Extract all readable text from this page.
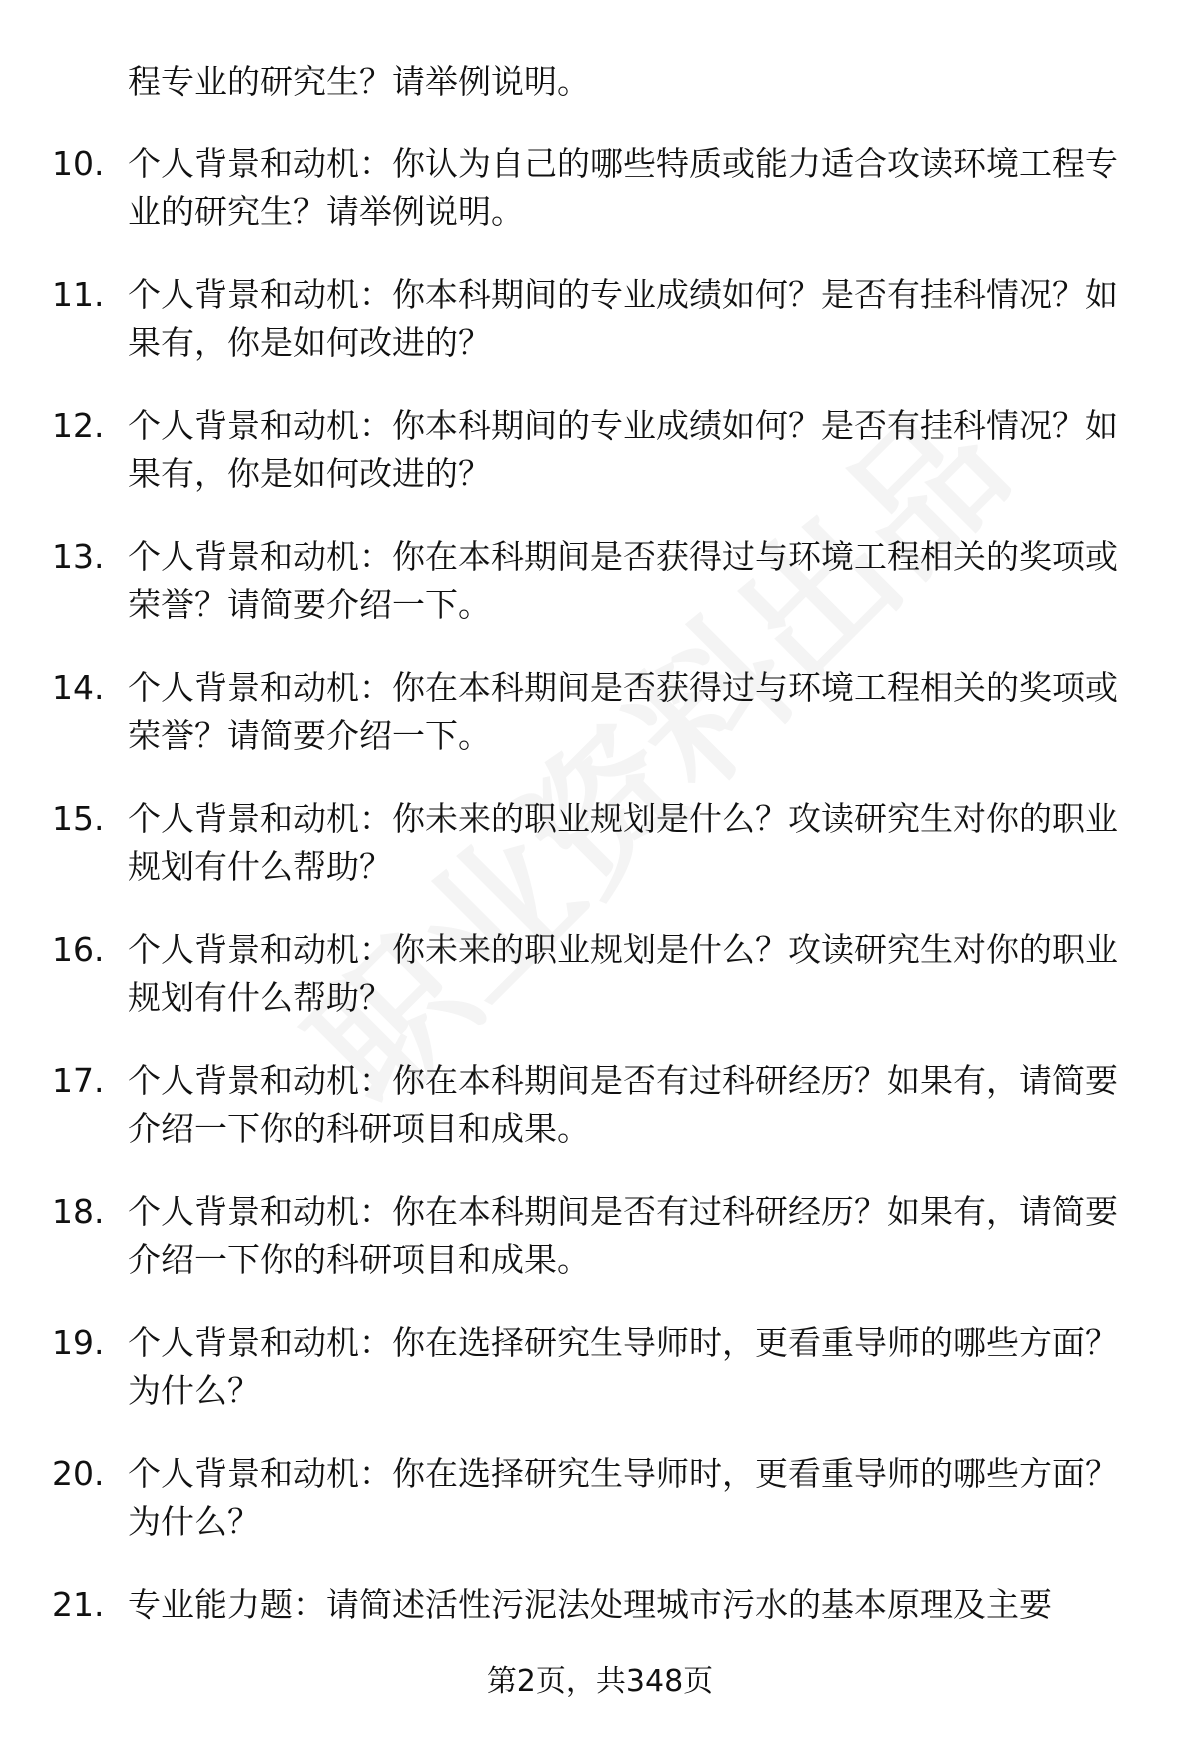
程专业的研究生？请举例说明。
10. 个人背景和动机：你认为自己的哪些特质或能力适合攻读环境工程专业的研究生？请举例说明。
11. 个人背景和动机：你本科期间的专业成绩如何？是否有挂科情况？如果有，你是如何改进的？
12. 个人背景和动机：你本科期间的专业成绩如何？是否有挂科情况？如果有，你是如何改进的？
13. 个人背景和动机：你在本科期间是否获得过与环境工程相关的奖项或荣誉？请简要介绍一下。
14. 个人背景和动机：你在本科期间是否获得过与环境工程相关的奖项或荣誉？请简要介绍一下。
15. 个人背景和动机：你未来的职业规划是什么？攻读研究生对你的职业规划有什么帮助？
16. 个人背景和动机：你未来的职业规划是什么？攻读研究生对你的职业规划有什么帮助？
17. 个人背景和动机：你在本科期间是否有过科研经历？如果有，请简要介绍一下你的科研项目和成果。
18. 个人背景和动机：你在本科期间是否有过科研经历？如果有，请简要介绍一下你的科研项目和成果。
19. 个人背景和动机：你在选择研究生导师时，更看重导师的哪些方面？为什么？
20. 个人背景和动机：你在选择研究生导师时，更看重导师的哪些方面？为什么？
21. 专业能力题：请简述活性污泥法处理城市污水的基本原理及主要
第2页，共348页
